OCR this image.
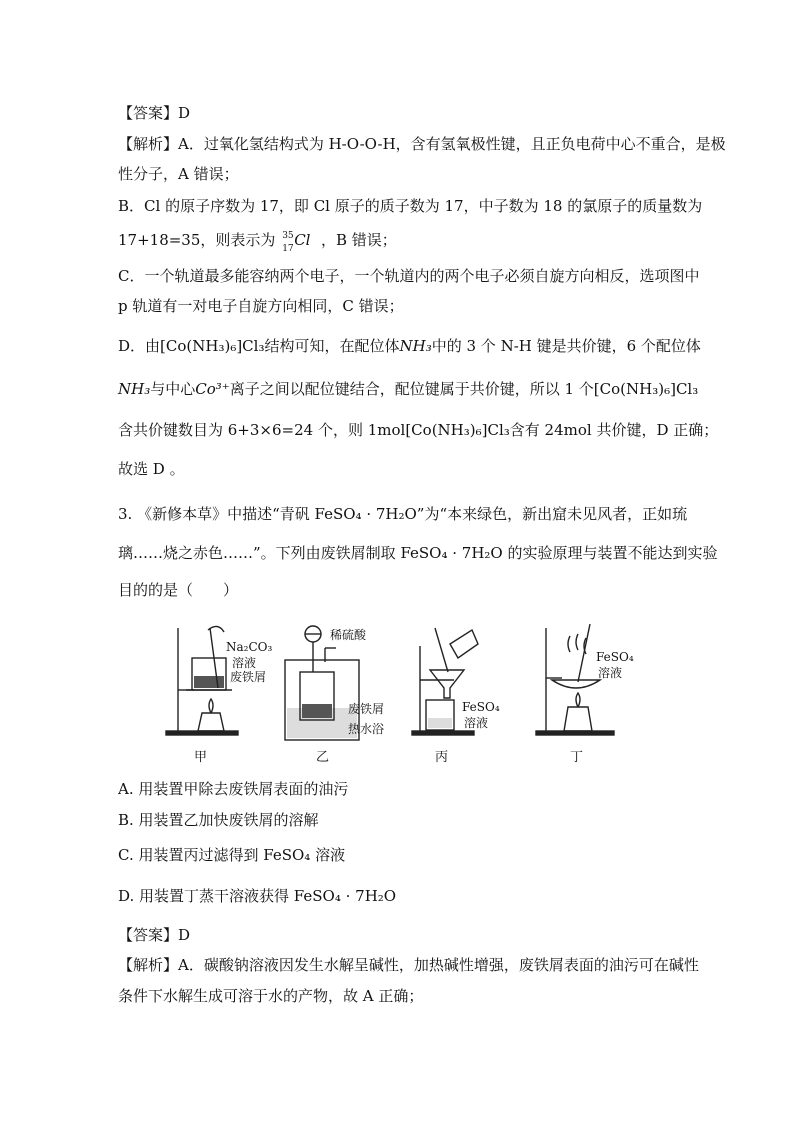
【答案】D
【解析】A．过氧化氢结构式为 H-O-O-H，含有氢氧极性键，且正负电荷中心不重合，是极
性分子，A 错误；
B．Cl 的原子序数为 17，即 Cl 原子的质子数为 17，中子数为 18 的氯原子的质量数为
17+18=35，则表示为 35
17 Cl ，B 错误；
C．一个轨道最多能容纳两个电子，一个轨道内的两个电子必须自旋方向相反，选项图中
p 轨道有一对电子自旋方向相同，C 错误；
D．由[Co(NH₃)₆]Cl₃结构可知，在配位体NH₃中的 3 个 N-H 键是共价键，6 个配位体
NH₃与中心Co³⁺离子之间以配位键结合，配位键属于共价键，所以 1 个[Co(NH₃)₆]Cl₃
含共价键数目为 6+3×6=24 个，则 1mol[Co(NH₃)₆]Cl₃含有 24mol 共价键，D 正确；
故选 D 。
3. 《新修本草》中描述“青矾 FeSO₄ · 7H₂O”为“本来绿色，新出窟未见风者，正如琉
璃……烧之赤色……”。下列由废铁屑制取 FeSO₄ · 7H₂O 的实验原理与装置不能达到实验
目的的是（　　）
Na₂CO₃
溶液
废铁屑
稀硫酸
废铁屑
热水浴
FeSO₄
溶液
FeSO₄
溶液
甲	乙	丙	丁
A. 用装置甲除去废铁屑表面的油污
B. 用装置乙加快废铁屑的溶解
C. 用装置丙过滤得到 FeSO₄ 溶液
D. 用装置丁蒸干溶液获得 FeSO₄ · 7H₂O
【答案】D
【解析】A．碳酸钠溶液因发生水解呈碱性，加热碱性增强，废铁屑表面的油污可在碱性
条件下水解生成可溶于水的产物，故 A 正确；
